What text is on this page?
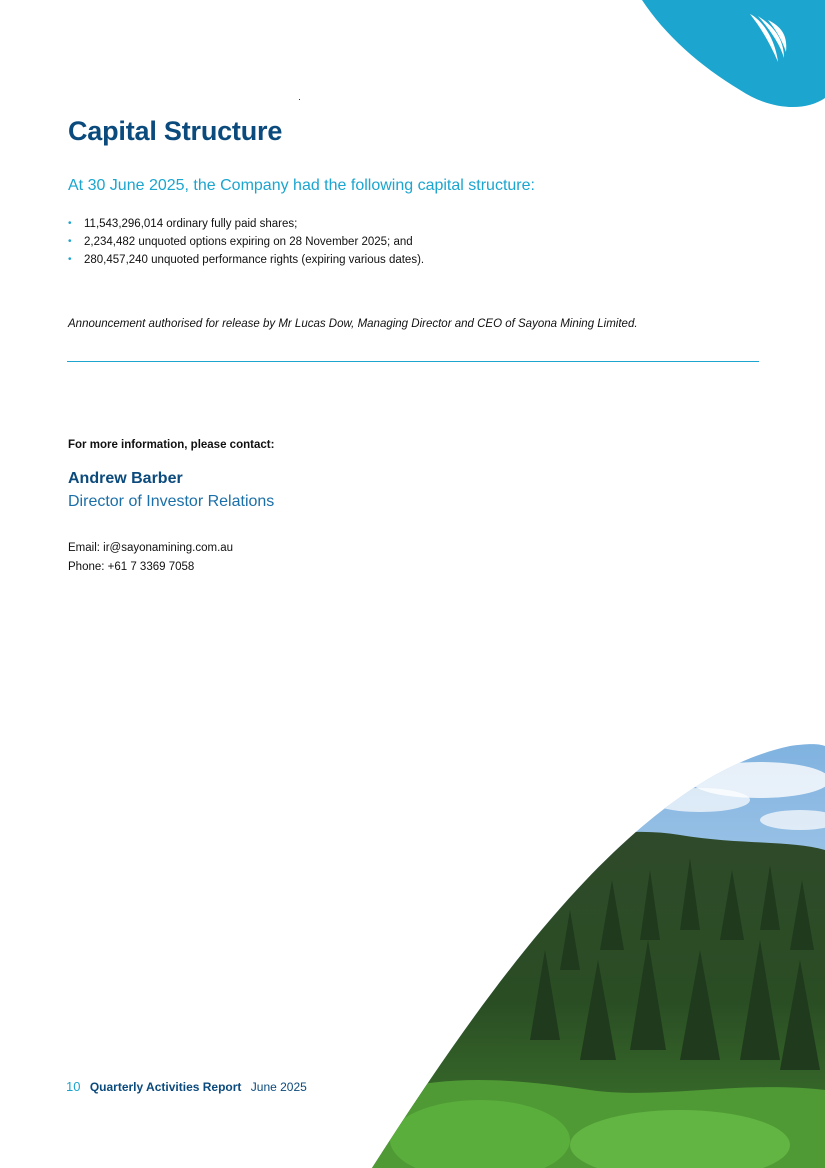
Capital Structure

At 30 June 2025, the Company had the following capital structure:

• 11,543,296,014 ordinary fully paid shares;
• 2,234,482 unquoted options expiring on 28 November 2025; and
• 280,457,240 unquoted performance rights (expiring various dates).

Announcement authorised for release by Mr Lucas Dow, Managing Director and CEO of Sayona Mining Limited.

For more information, please contact:

Andrew Barber

Director of Investor Relations

Email: ir@sayonamining.com.au

Phone: +61 7 3369 7058

10 Quarterly Activities Report June 2025
